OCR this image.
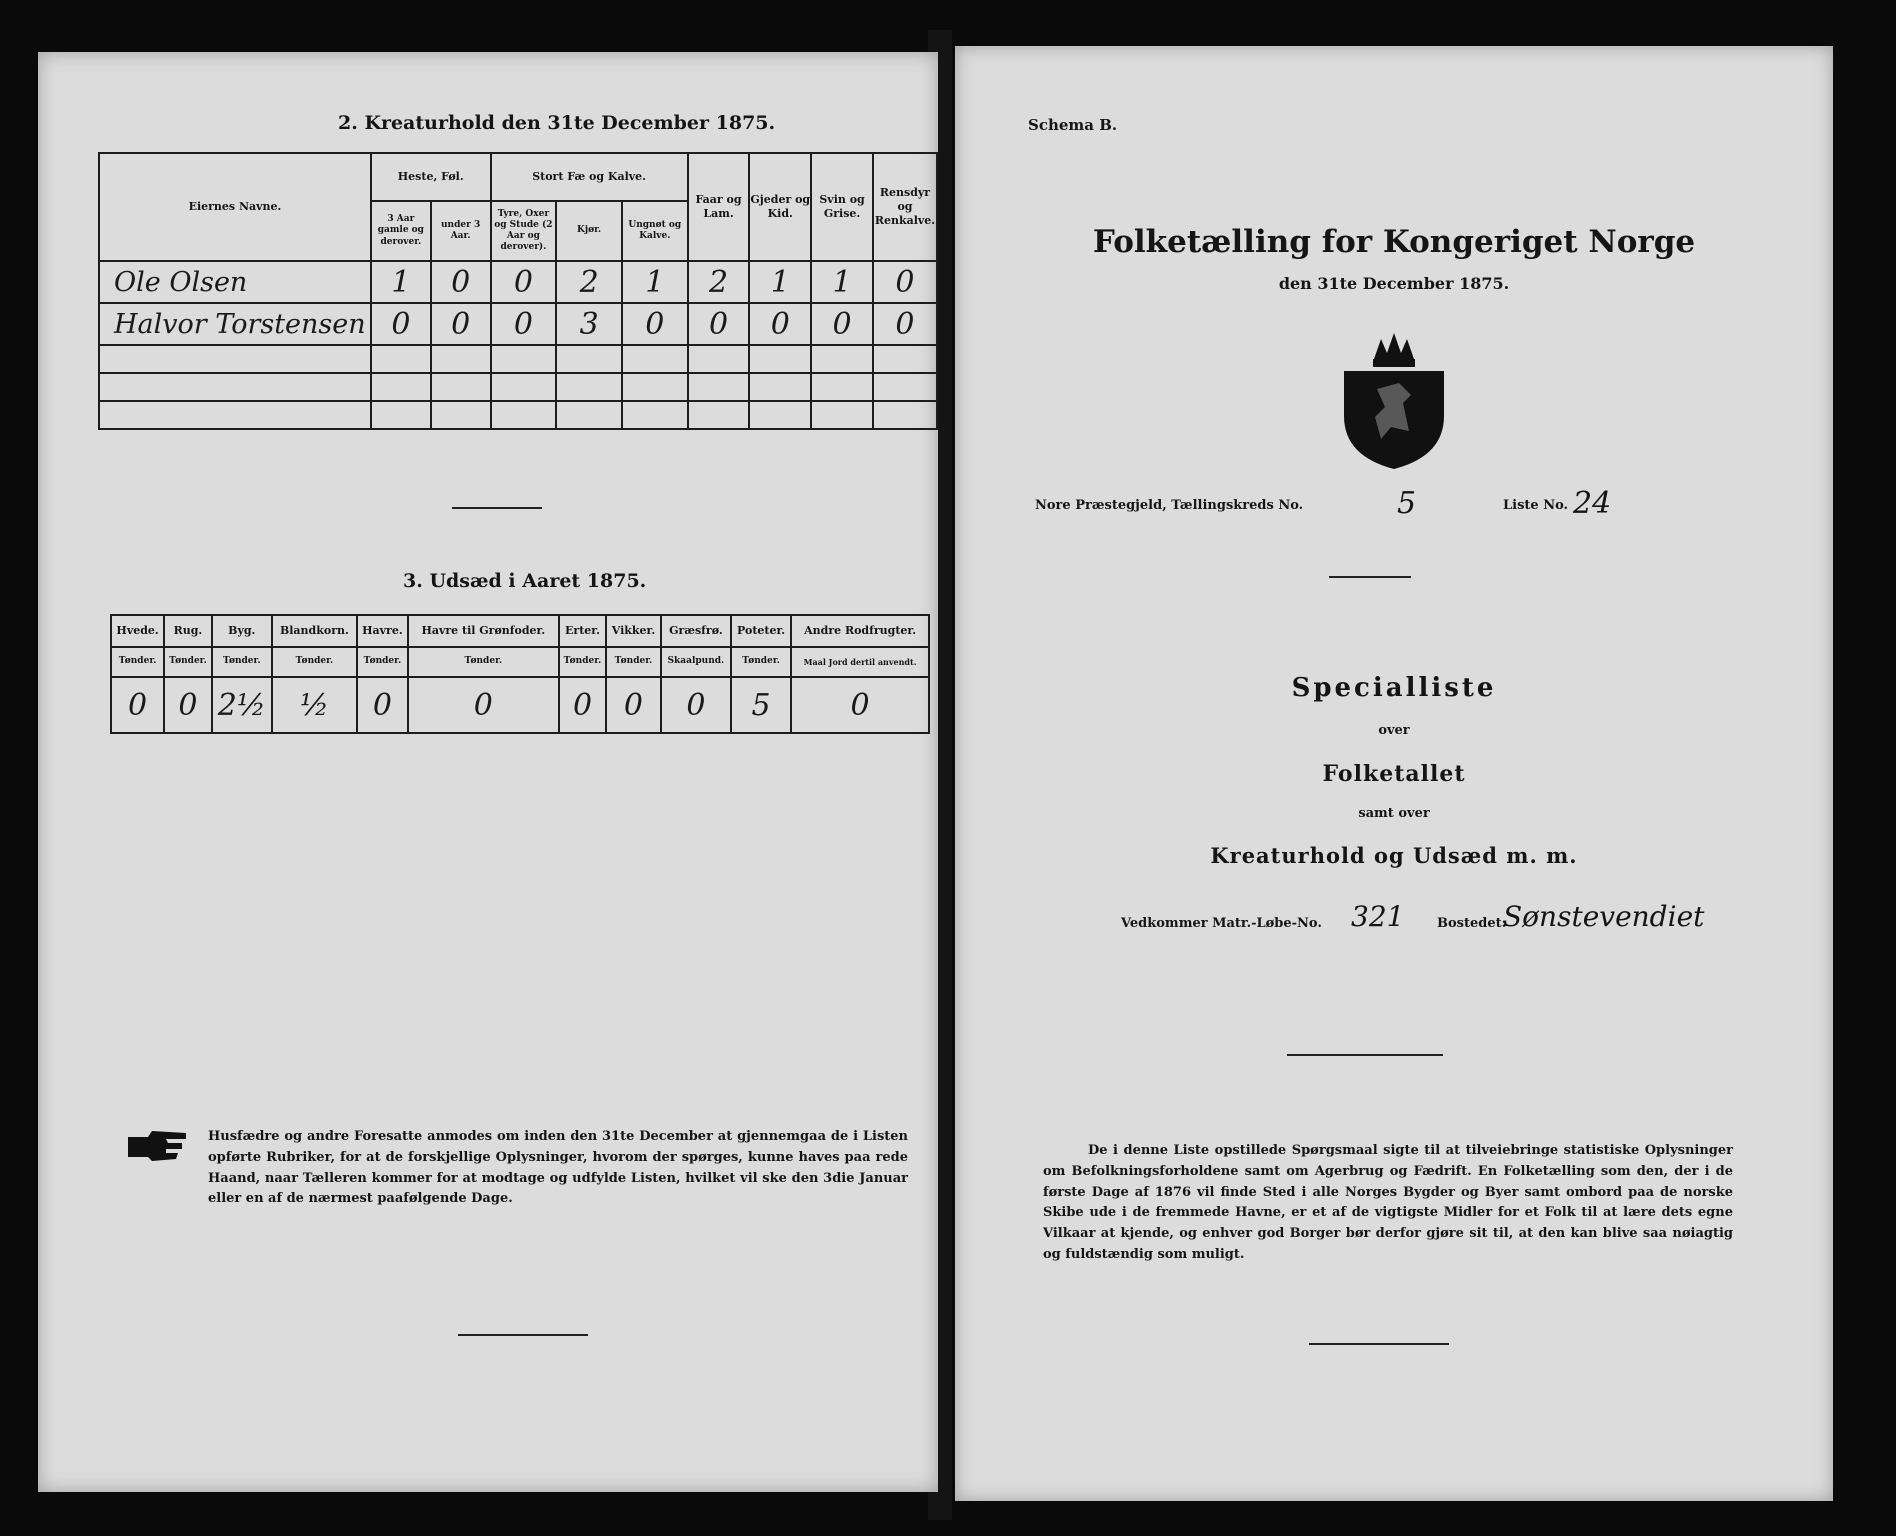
2. Kreaturhold den 31te December 1875.
Eiernes Navne.	Heste, Føl.		Stort Fæ og Kalve.			Faar og Lam.	Gjeder og Kid.	Svin og Grise.	Rensdyr og Renkalve.
	3 Aar gamle og derover.	under 3 Aar.	Tyre, Oxer og Stude (2 Aar og derover).	Kjør.	Ungnøt og Kalve.				
Ole Olsen	1	0	0	2	1	2	1	1	0
Halvor Torstensen	0	0	0	3	0	0	0	0	0

3. Udsæd i Aaret 1875.
Hvede.	Rug.	Byg.	Blandkorn.	Havre.	Havre til Grønfoder.	Erter.	Vikker.	Græsfrø.	Poteter.	Andre Rodfrugter.
Tønder.	Tønder.	Tønder.	Tønder.	Tønder.	Tønder.	Tønder.	Tønder.	Skaalpund.	Tønder.	Maal Jord dertil anvendt.
0	0	2½	½	0	0	0	0	0	5	0
Husfædre og andre Foresatte anmodes om inden den 31te December at gjennemgaa de i Listen opførte Rubriker, for at de forskjellige Oplysninger, hvorom der spørges, kunne haves paa rede Haand, naar Tælleren kommer for at modtage og udfylde Listen, hvilket vil ske den 3die Januar eller en af de nærmest paafølgende Dage.
Schema B.
Folketælling for Kongeriget Norge
den 31te December 1875.
Nore Præstegjeld, Tællingskreds No.	5	Liste No. 24
Specialliste
over
Folketallet
samt over
Kreaturhold og Udsæd m. m.
Vedkommer Matr.-Løbe-No. 321	Bostedet:
Sønstevendiet
De i denne Liste opstillede Spørgsmaal sigte til at tilveiebringe statistiske Oplysninger om Befolkningsforholdene samt om Agerbrug og Fædrift. En Folketælling som den, der i de første Dage af 1876 vil finde Sted i alle Norges Bygder og Byer samt ombord paa de norske Skibe ude i de fremmede Havne, er et af de vigtigste Midler for et Folk til at lære dets egne Vilkaar at kjende, og enhver god Borger bør derfor gjøre sit til, at den kan blive saa nøiagtig og fuldstændig som muligt.
